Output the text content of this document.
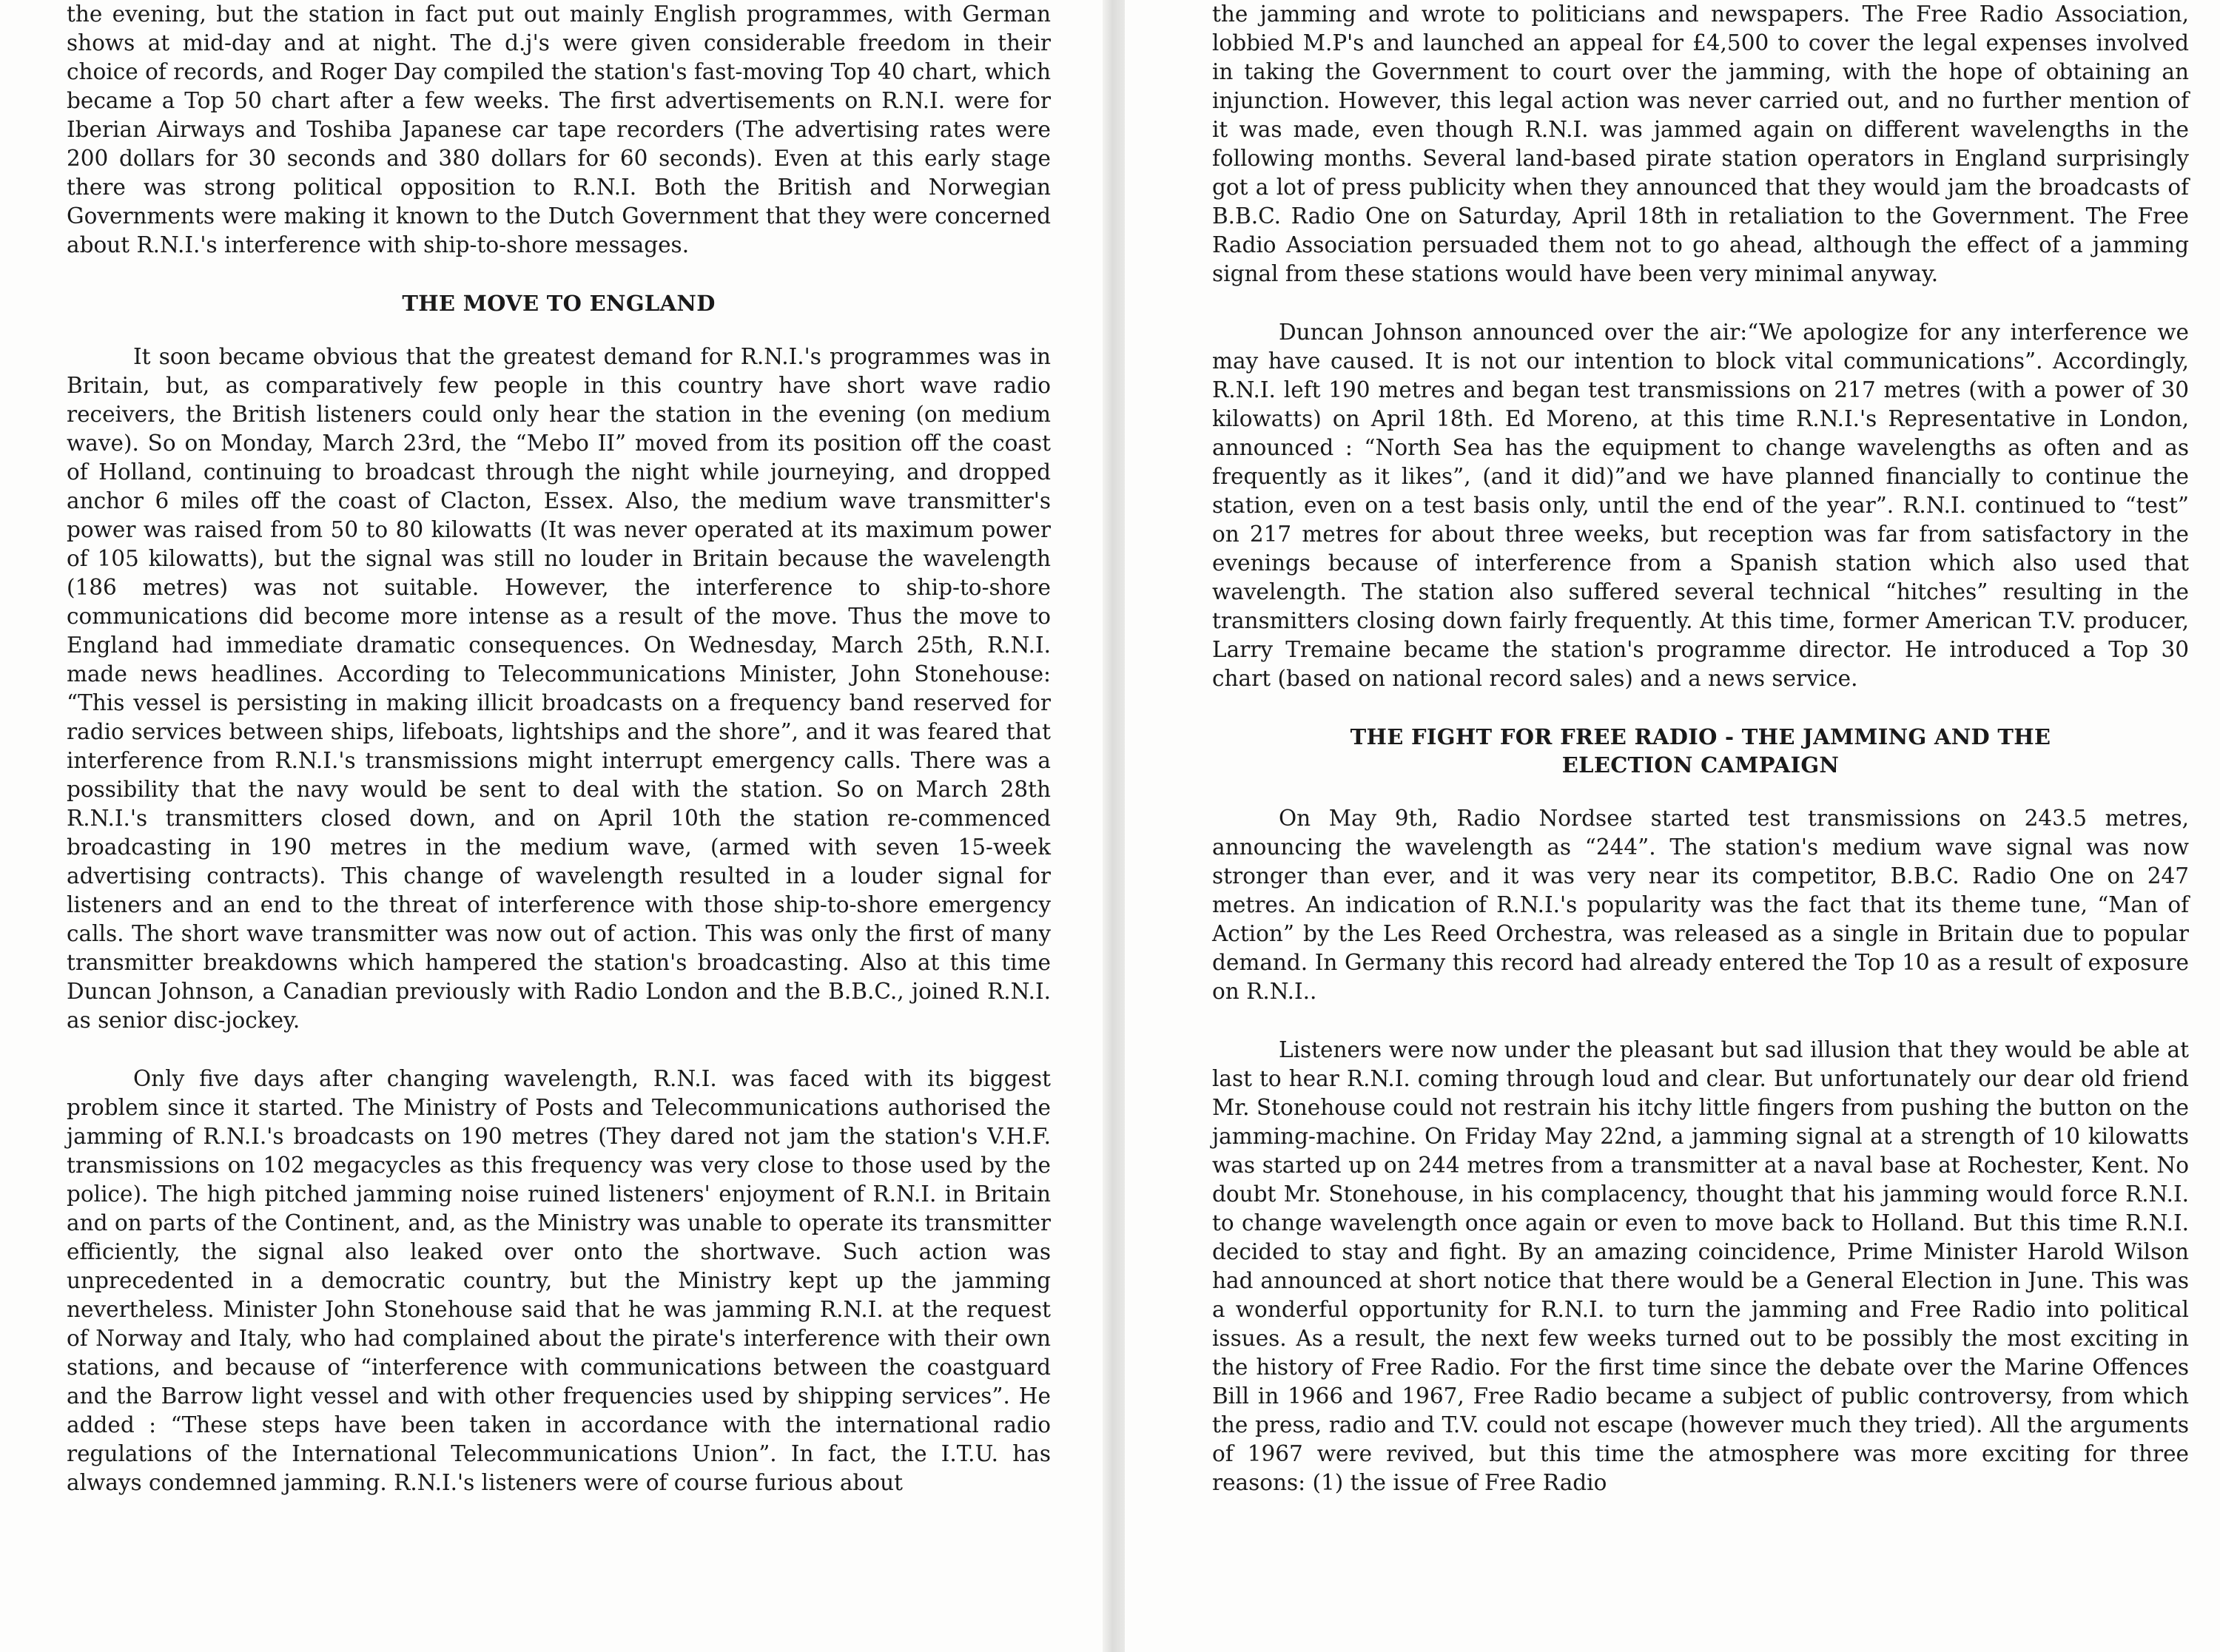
the evening, but the station in fact put out mainly English programmes, with German shows at mid-day and at night. The d.j's were given considerable freedom in their choice of records, and Roger Day compiled the station's fast-moving Top 40 chart, which became a Top 50 chart after a few weeks. The first advertisements on R.N.I. were for Iberian Airways and Toshiba Japanese car tape recorders (The advertising rates were 200 dollars for 30 seconds and 380 dollars for 60 seconds). Even at this early stage there was strong political opposition to R.N.I. Both the British and Norwegian Governments were making it known to the Dutch Government that they were concerned about R.N.I.'s interference with ship-to-shore messages.

THE MOVE TO ENGLAND

It soon became obvious that the greatest demand for R.N.I.'s programmes was in Britain, but, as comparatively few people in this country have short wave radio receivers, the British listeners could only hear the station in the evening (on medium wave). So on Monday, March 23rd, the “Mebo II” moved from its position off the coast of Holland, continuing to broadcast through the night while journeying, and dropped anchor 6 miles off the coast of Clacton, Essex. Also, the medium wave transmitter's power was raised from 50 to 80 kilowatts (It was never operated at its maximum power of 105 kilowatts), but the signal was still no louder in Britain because the wavelength (186 metres) was not suitable. However, the interference to ship-to-shore communications did become more intense as a result of the move. Thus the move to England had immediate dramatic consequences. On Wednesday, March 25th, R.N.I. made news headlines. According to Telecommunications Minister, John Stonehouse: “This vessel is persisting in making illicit broadcasts on a frequency band reserved for radio services between ships, lifeboats, lightships and the shore”, and it was feared that interference from R.N.I.'s transmissions might interrupt emergency calls. There was a possibility that the navy would be sent to deal with the station. So on March 28th R.N.I.'s transmitters closed down, and on April 10th the station re-commenced broadcasting in 190 metres in the medium wave, (armed with seven 15-week advertising contracts). This change of wavelength resulted in a louder signal for listeners and an end to the threat of interference with those ship-to-shore emergency calls. The short wave transmitter was now out of action. This was only the first of many transmitter breakdowns which hampered the station's broadcasting. Also at this time Duncan Johnson, a Canadian previously with Radio London and the B.B.C., joined R.N.I. as senior disc-jockey.

Only five days after changing wavelength, R.N.I. was faced with its biggest problem since it started. The Ministry of Posts and Telecommunications authorised the jamming of R.N.I.'s broadcasts on 190 metres (They dared not jam the station's V.H.F. transmissions on 102 megacycles as this frequency was very close to those used by the police). The high pitched jamming noise ruined listeners' enjoyment of R.N.I. in Britain and on parts of the Continent, and, as the Ministry was unable to operate its transmitter efficiently, the signal also leaked over onto the shortwave. Such action was unprecedented in a democratic country, but the Ministry kept up the jamming nevertheless. Minister John Stonehouse said that he was jamming R.N.I. at the request of Norway and Italy, who had complained about the pirate's interference with their own stations, and because of “interference with communications between the coastguard and the Barrow light vessel and with other frequencies used by shipping services”. He added : “These steps have been taken in accordance with the international radio regulations of the International Telecommunications Union”. In fact, the I.T.U. has always condemned jamming. R.N.I.'s listeners were of course furious about

the jamming and wrote to politicians and newspapers. The Free Radio Association, lobbied M.P's and launched an appeal for £4,500 to cover the legal expenses involved in taking the Government to court over the jamming, with the hope of obtaining an injunction. However, this legal action was never carried out, and no further mention of it was made, even though R.N.I. was jammed again on different wavelengths in the following months. Several land-based pirate station operators in England surprisingly got a lot of press publicity when they announced that they would jam the broadcasts of B.B.C. Radio One on Saturday, April 18th in retaliation to the Government. The Free Radio Association persuaded them not to go ahead, although the effect of a jamming signal from these stations would have been very minimal anyway.

Duncan Johnson announced over the air:“We apologize for any interference we may have caused. It is not our intention to block vital communications”. Accordingly, R.N.I. left 190 metres and began test transmissions on 217 metres (with a power of 30 kilowatts) on April 18th. Ed Moreno, at this time R.N.I.'s Representative in London, announced : “North Sea has the equipment to change wavelengths as often and as frequently as it likes”, (and it did)”and we have planned financially to continue the station, even on a test basis only, until the end of the year”. R.N.I. continued to “test” on 217 metres for about three weeks, but reception was far from satisfactory in the evenings because of interference from a Spanish station which also used that wavelength. The station also suffered several technical “hitches” resulting in the transmitters closing down fairly frequently. At this time, former American T.V. producer, Larry Tremaine became the station's programme director. He introduced a Top 30 chart (based on national record sales) and a news service.

THE FIGHT FOR FREE RADIO - THE JAMMING AND THE
ELECTION CAMPAIGN

On May 9th, Radio Nordsee started test transmissions on 243.5 metres, announcing the wavelength as “244”. The station's medium wave signal was now stronger than ever, and it was very near its competitor, B.B.C. Radio One on 247 metres. An indication of R.N.I.'s popularity was the fact that its theme tune, “Man of Action” by the Les Reed Orchestra, was released as a single in Britain due to popular demand. In Germany this record had already entered the Top 10 as a result of exposure on R.N.I..

Listeners were now under the pleasant but sad illusion that they would be able at last to hear R.N.I. coming through loud and clear. But unfortunately our dear old friend Mr. Stonehouse could not restrain his itchy little fingers from pushing the button on the jamming-machine. On Friday May 22nd, a jamming signal at a strength of 10 kilowatts was started up on 244 metres from a transmitter at a naval base at Rochester, Kent. No doubt Mr. Stonehouse, in his complacency, thought that his jamming would force R.N.I. to change wavelength once again or even to move back to Holland. But this time R.N.I. decided to stay and fight. By an amazing coincidence, Prime Minister Harold Wilson had announced at short notice that there would be a General Election in June. This was a wonderful opportunity for R.N.I. to turn the jamming and Free Radio into political issues. As a result, the next few weeks turned out to be possibly the most exciting in the history of Free Radio. For the first time since the debate over the Marine Offences Bill in 1966 and 1967, Free Radio became a subject of public controversy, from which the press, radio and T.V. could not escape (however much they tried). All the arguments of 1967 were revived, but this time the atmosphere was more exciting for three reasons: (1) the issue of Free Radio
